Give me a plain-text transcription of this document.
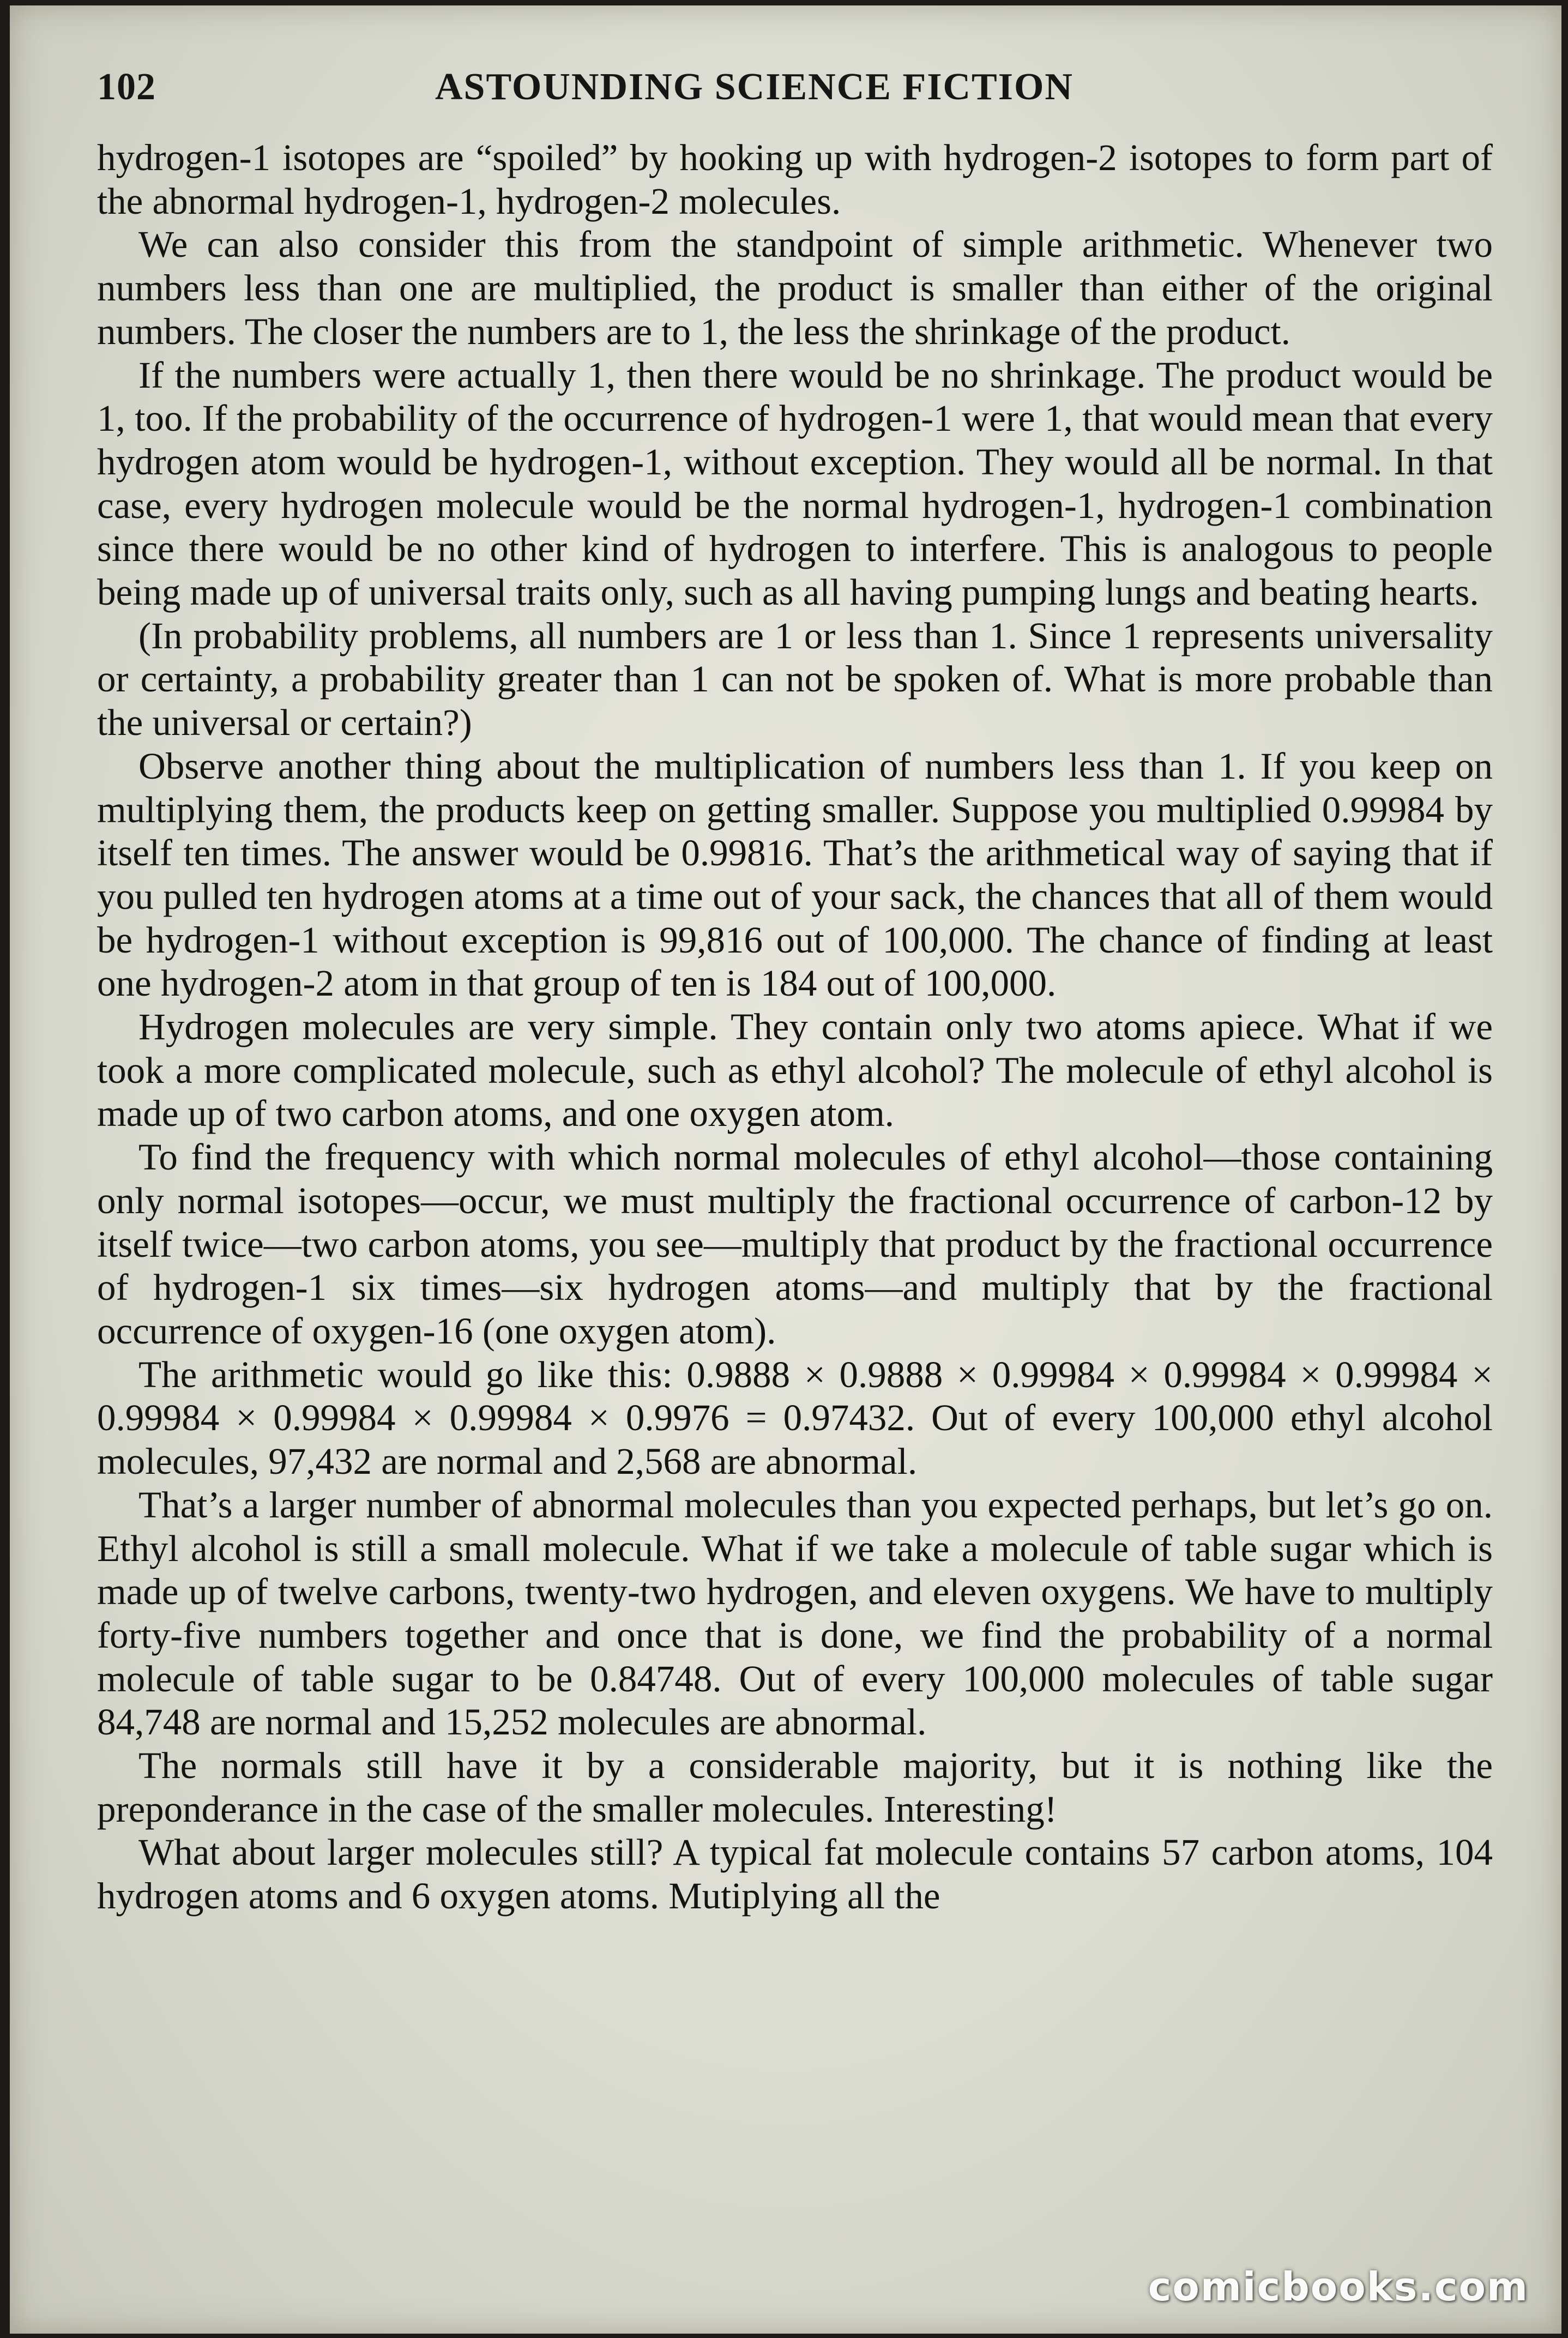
102	ASTOUNDING SCIENCE FICTION

hydrogen-1 isotopes are “spoiled” by hooking up with hydrogen-2 isotopes to form part of the abnormal hydrogen-1, hydrogen-2 molecules.

We can also consider this from the standpoint of simple arithmetic. Whenever two numbers less than one are multiplied, the product is smaller than either of the original numbers. The closer the numbers are to 1, the less the shrinkage of the product.

If the numbers were actually 1, then there would be no shrinkage. The product would be 1, too. If the probability of the occurrence of hydrogen-1 were 1, that would mean that every hydrogen atom would be hydrogen-1, without exception. They would all be normal. In that case, every hydrogen molecule would be the normal hydrogen-1, hydrogen-1 combination since there would be no other kind of hydrogen to interfere. This is analogous to people being made up of universal traits only, such as all having pumping lungs and beating hearts.

(In probability problems, all numbers are 1 or less than 1. Since 1 represents universality or certainty, a probability greater than 1 can not be spoken of. What is more probable than the universal or certain?)

Observe another thing about the multiplication of numbers less than 1. If you keep on multiplying them, the products keep on getting smaller. Suppose you multiplied 0.99984 by itself ten times. The answer would be 0.99816. That’s the arithmetical way of saying that if you pulled ten hydrogen atoms at a time out of your sack, the chances that all of them would be hydrogen-1 without exception is 99,816 out of 100,000. The chance of finding at least one hydrogen-2 atom in that group of ten is 184 out of 100,000.

Hydrogen molecules are very simple. They contain only two atoms apiece. What if we took a more complicated molecule, such as ethyl alcohol? The molecule of ethyl alcohol is made up of two carbon atoms, and one oxygen atom.

To find the frequency with which normal molecules of ethyl alcohol—those containing only normal isotopes—occur, we must multiply the fractional occurrence of carbon-12 by itself twice—two carbon atoms, you see—multiply that product by the fractional occurrence of hydrogen-1 six times—six hydrogen atoms—and multiply that by the fractional occurrence of oxygen-16 (one oxygen atom).

The arithmetic would go like this: 0.9888 × 0.9888 × 0.99984 × 0.99984 × 0.99984 × 0.99984 × 0.99984 × 0.99984 × 0.9976 = 0.97432. Out of every 100,000 ethyl alcohol molecules, 97,432 are normal and 2,568 are abnormal.

That’s a larger number of abnormal molecules than you expected perhaps, but let’s go on. Ethyl alcohol is still a small molecule. What if we take a molecule of table sugar which is made up of twelve carbons, twenty-two hydrogen, and eleven oxygens. We have to multiply forty-five numbers together and once that is done, we find the probability of a normal molecule of table sugar to be 0.84748. Out of every 100,000 molecules of table sugar 84,748 are normal and 15,252 molecules are abnormal.

The normals still have it by a considerable majority, but it is nothing like the preponderance in the case of the smaller molecules. Interesting!

What about larger molecules still? A typical fat molecule contains 57 carbon atoms, 104 hydrogen atoms and 6 oxygen atoms. Mutiplying all the

comicbooks.com
